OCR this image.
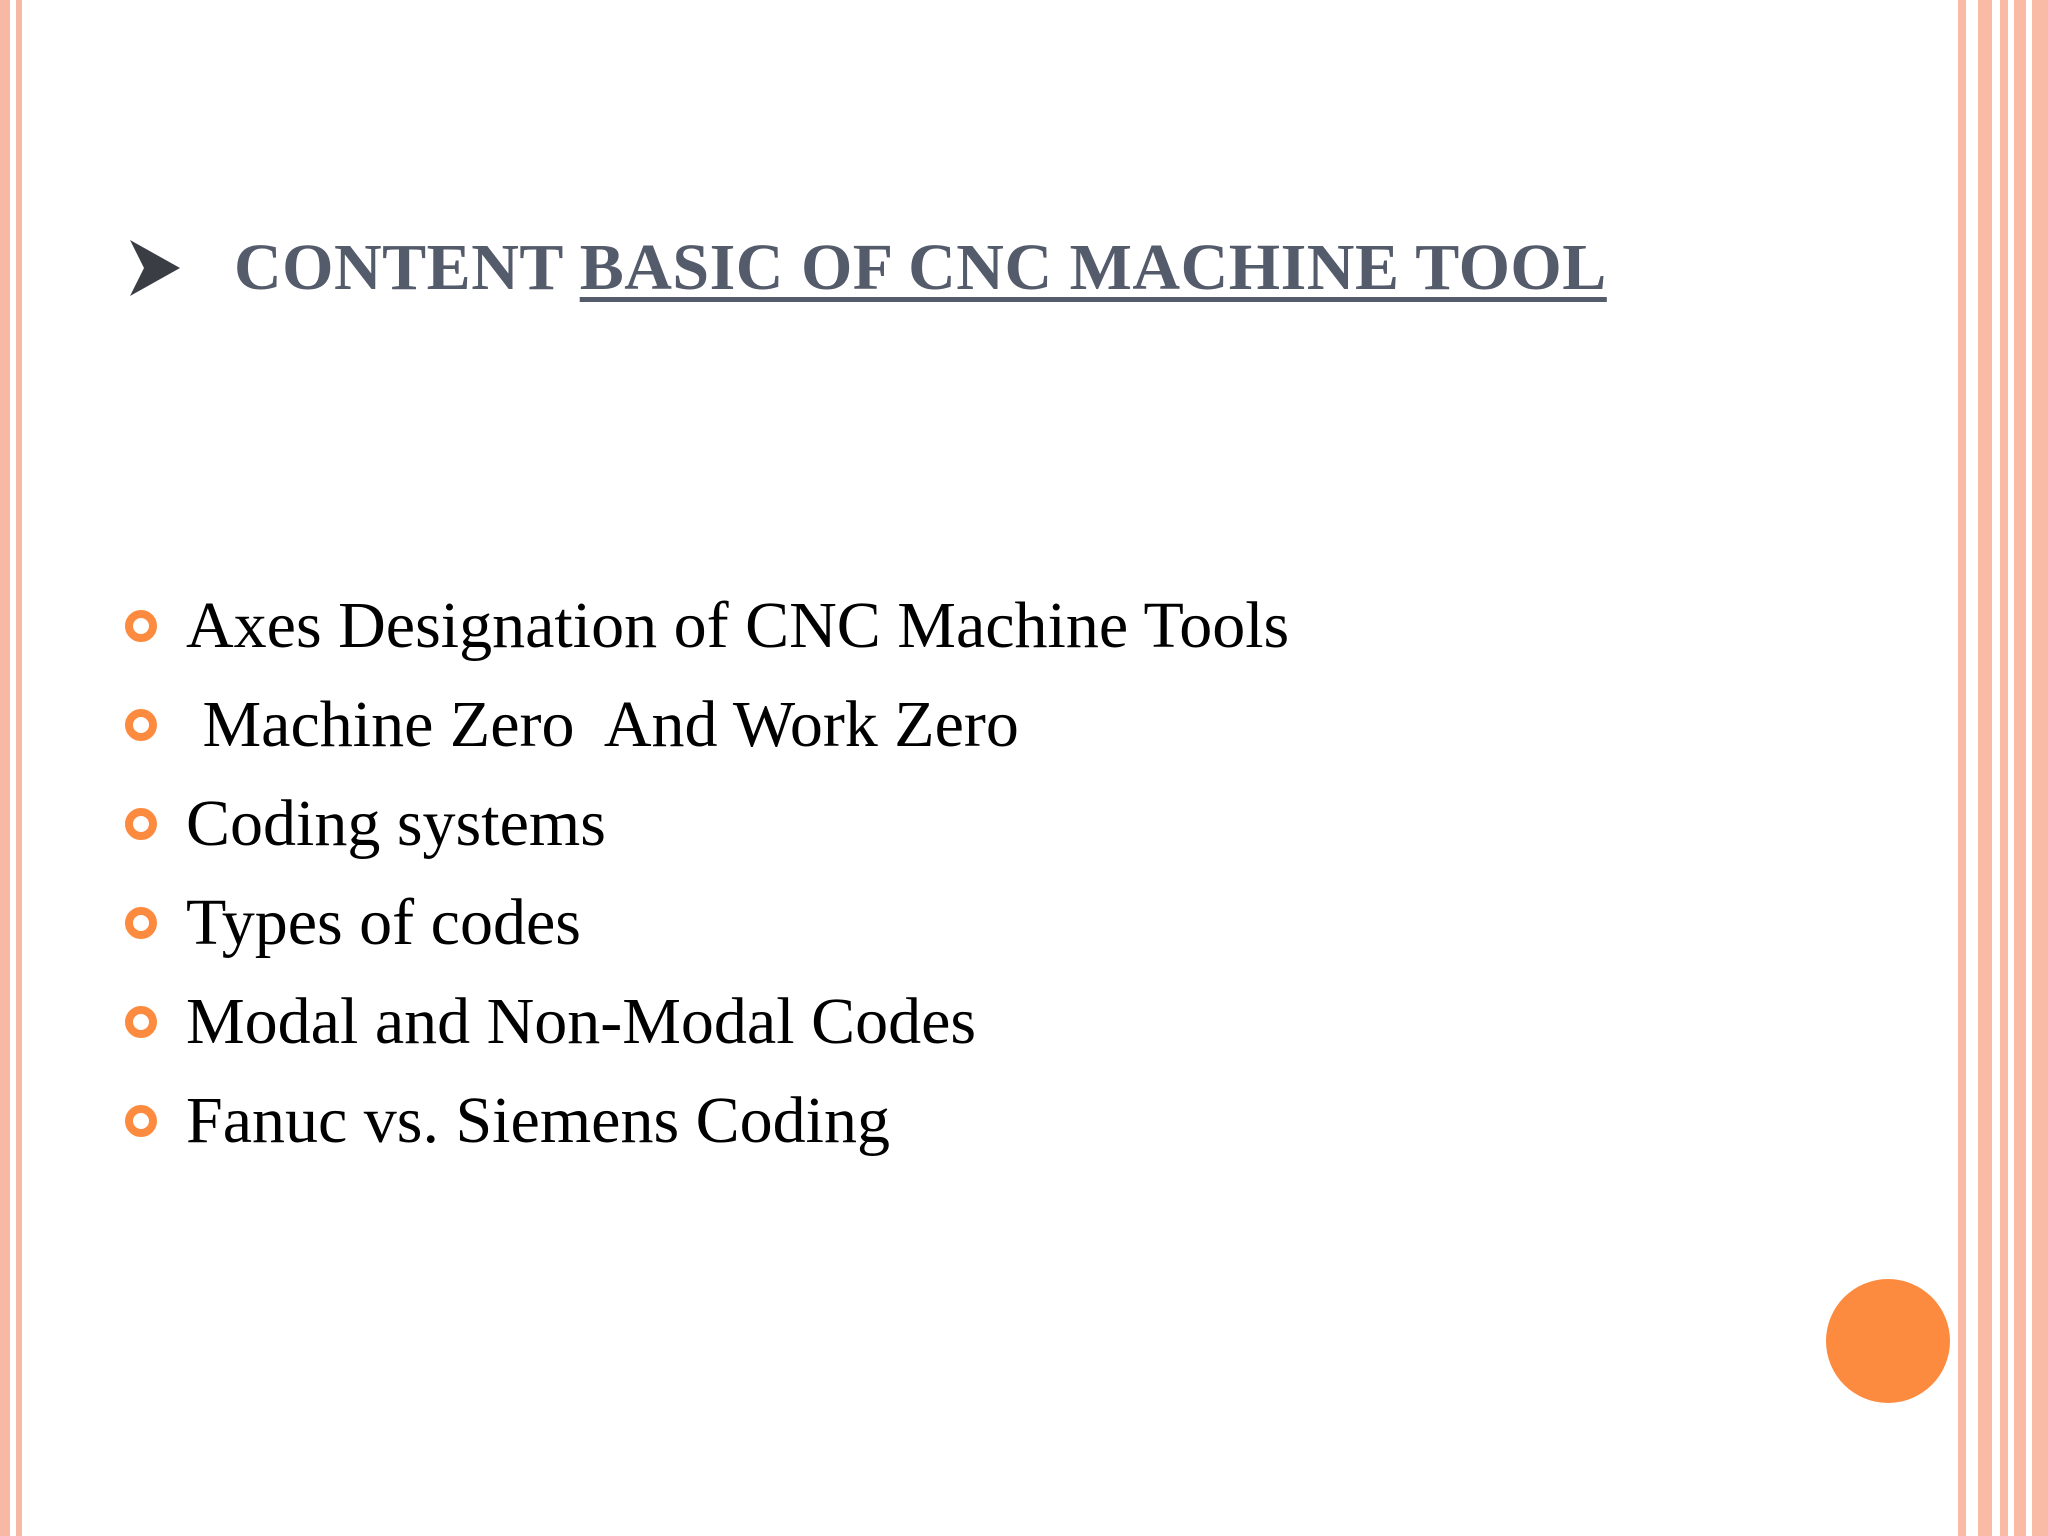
CONTENT BASIC OF CNC MACHINE TOOL
Axes Designation of CNC Machine Tools
Machine Zero  And Work Zero
Coding systems
Types of codes
Modal and Non-Modal Codes
Fanuc vs. Siemens Coding
